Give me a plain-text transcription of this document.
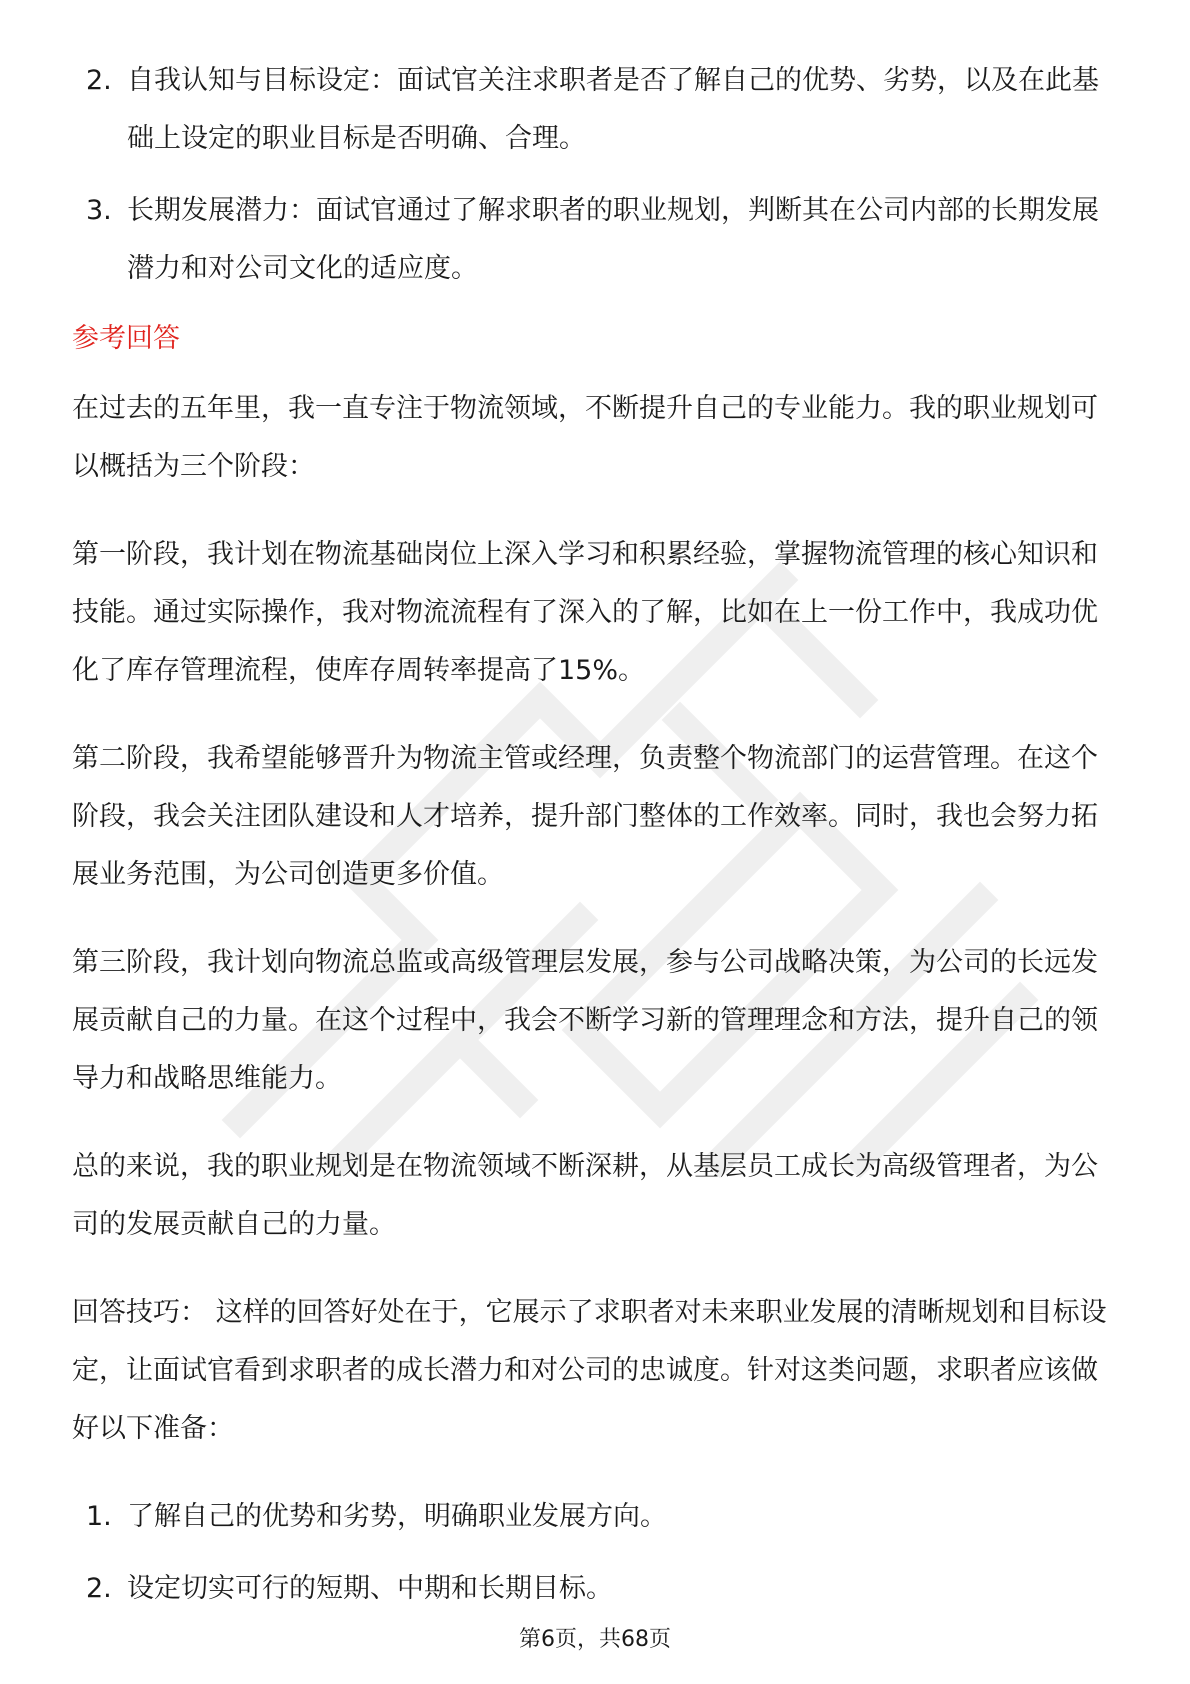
2. 自我认知与目标设定：面试官关注求职者是否了解自己的优势、劣势，以及在此基础上设定的职业目标是否明确、合理。
3. 长期发展潜力：面试官通过了解求职者的职业规划，判断其在公司内部的长期发展潜力和对公司文化的适应度。
参考回答

在过去的五年里，我一直专注于物流领域，不断提升自己的专业能力。我的职业规划可以概括为三个阶段：

第一阶段，我计划在物流基础岗位上深入学习和积累经验，掌握物流管理的核心知识和技能。通过实际操作，我对物流流程有了深入的了解，比如在上一份工作中，我成功优化了库存管理流程，使库存周转率提高了15%。

第二阶段，我希望能够晋升为物流主管或经理，负责整个物流部门的运营管理。在这个阶段，我会关注团队建设和人才培养，提升部门整体的工作效率。同时，我也会努力拓展业务范围，为公司创造更多价值。

第三阶段，我计划向物流总监或高级管理层发展，参与公司战略决策，为公司的长远发展贡献自己的力量。在这个过程中，我会不断学习新的管理理念和方法，提升自己的领导力和战略思维能力。

总的来说，我的职业规划是在物流领域不断深耕，从基层员工成长为高级管理者，为公司的发展贡献自己的力量。

回答技巧： 这样的回答好处在于，它展示了求职者对未来职业发展的清晰规划和目标设定，让面试官看到求职者的成长潜力和对公司的忠诚度。针对这类问题，求职者应该做好以下准备：

1. 了解自己的优势和劣势，明确职业发展方向。
2. 设定切实可行的短期、中期和长期目标。
第6页，共68页
